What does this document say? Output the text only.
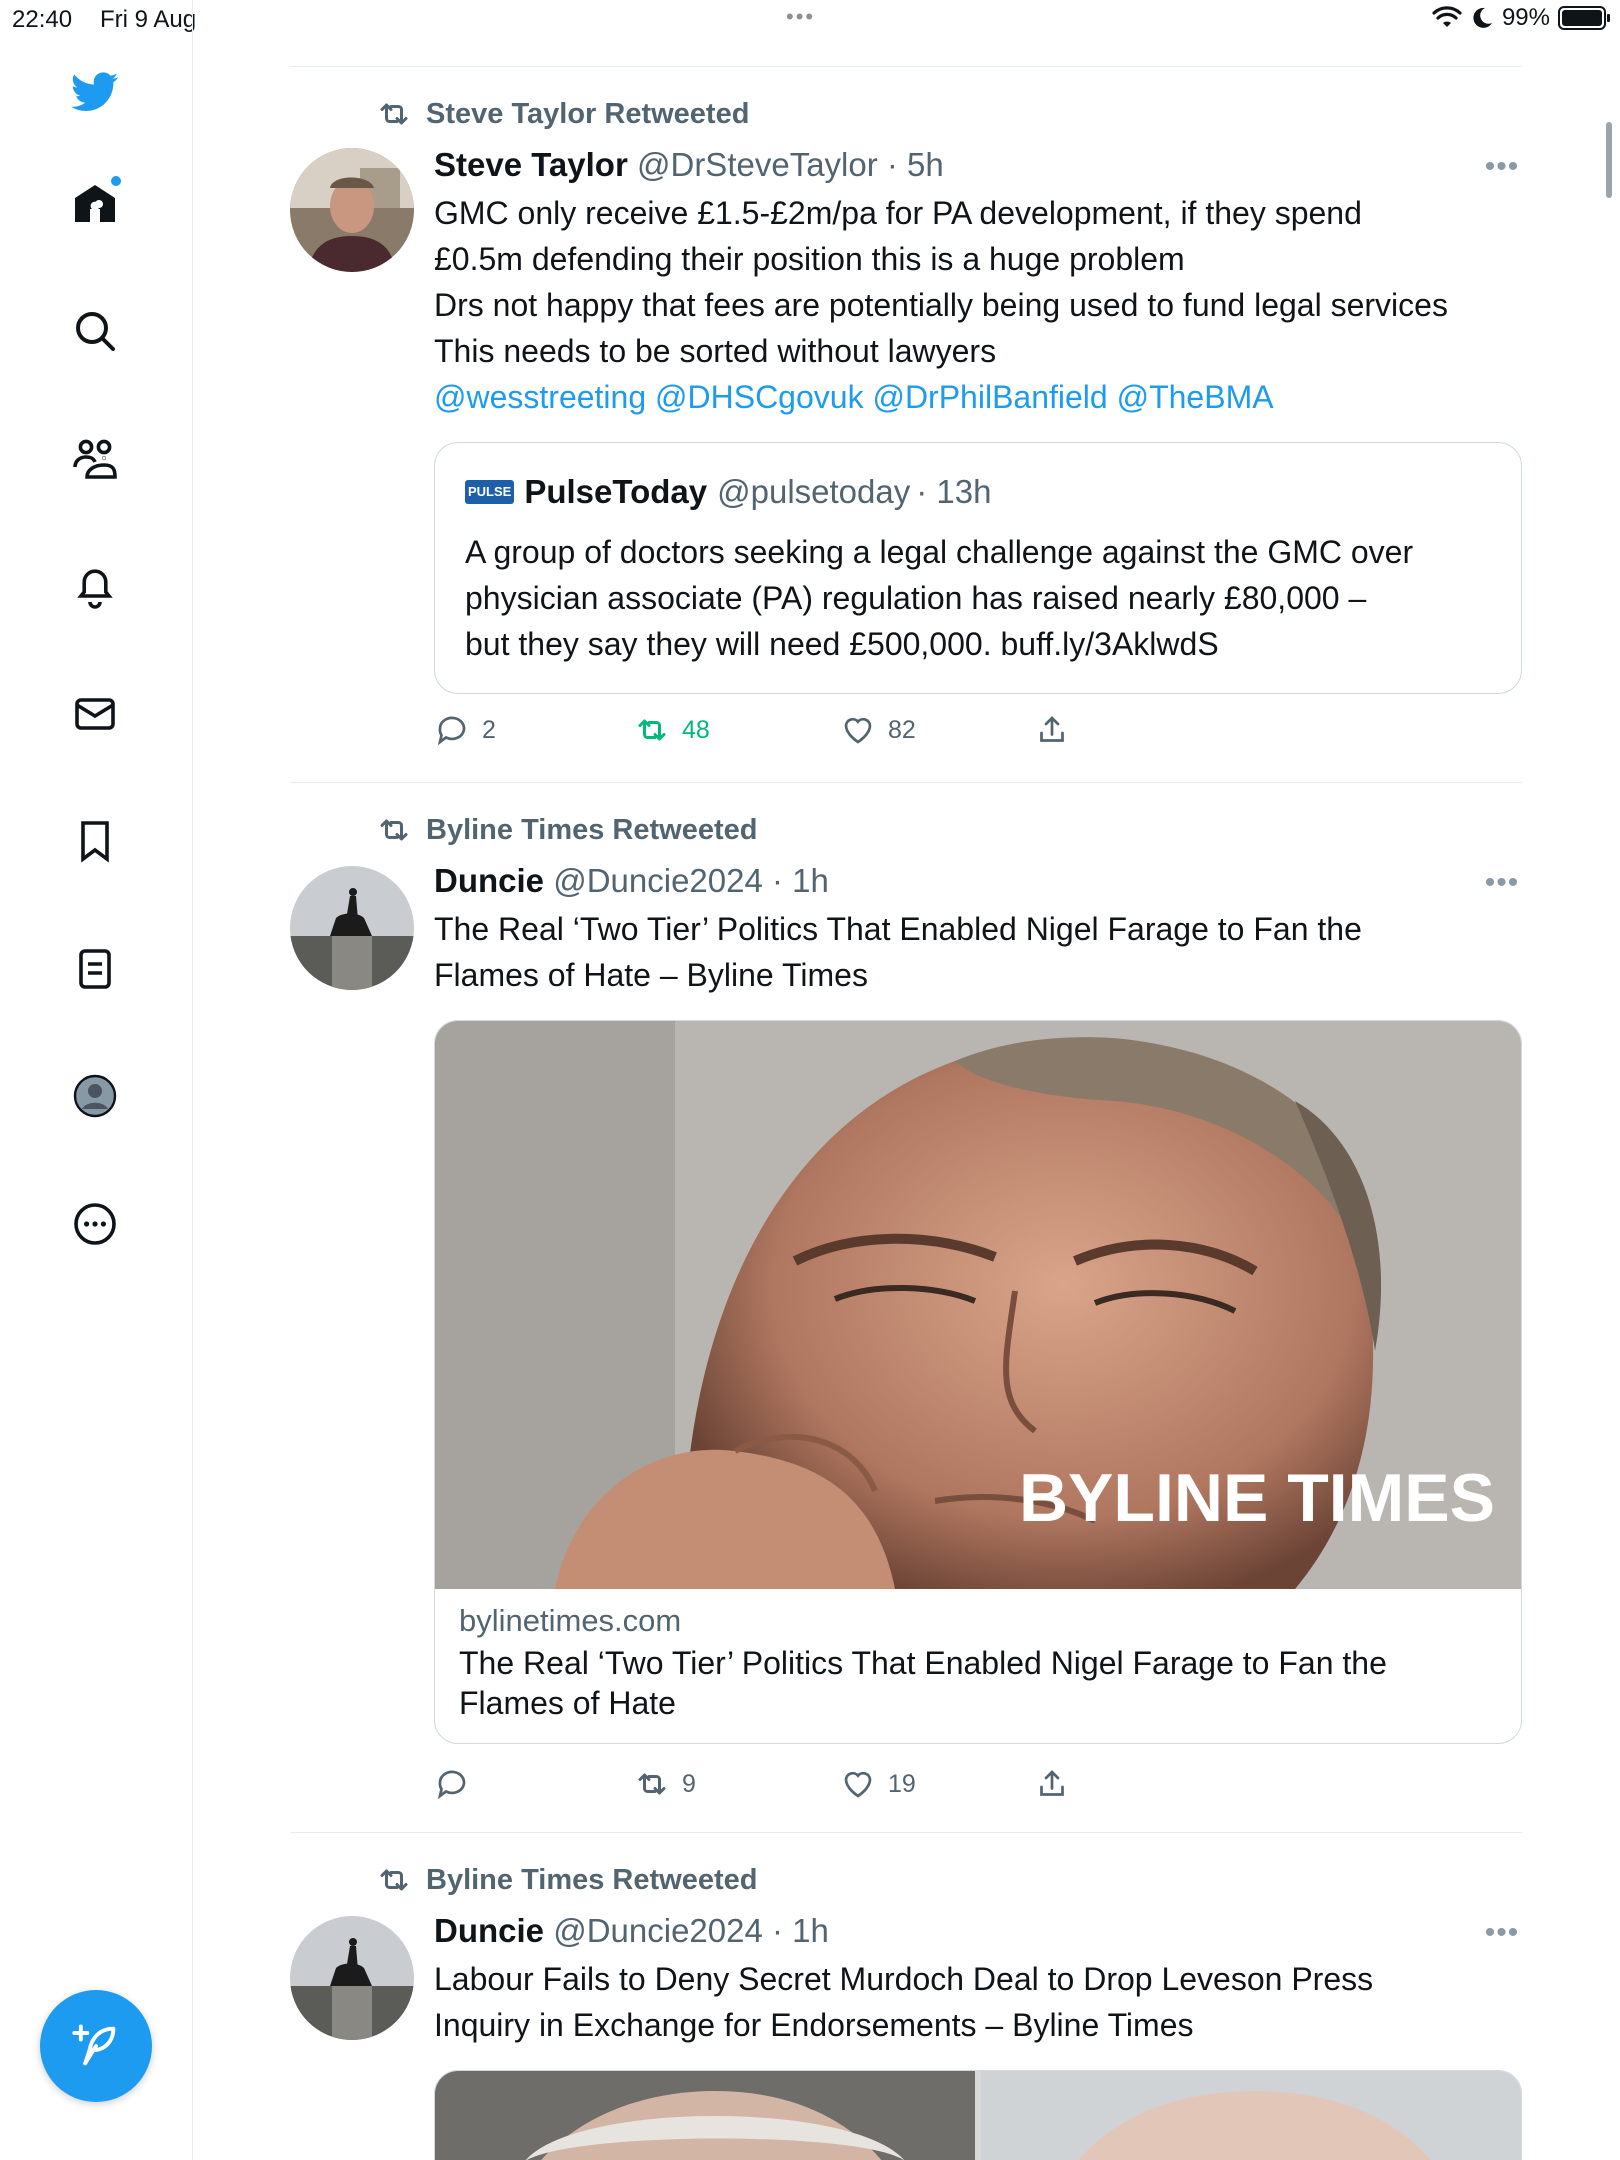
22:40 Fri 9 Aug	•••	99%
Steve Taylor Retweeted
Steve Taylor @DrSteveTaylor · 5h	•••
GMC only receive £1.5-£2m/pa for PA development, if they spend
£0.5m defending their position this is a huge problem
Drs not happy that fees are potentially being used to fund legal services
This needs to be sorted without lawyers
@wesstreeting @DHSCgovuk @DrPhilBanfield @TheBMA
PULSE PulseToday @pulsetoday · 13h
A group of doctors seeking a legal challenge against the GMC over
physician associate (PA) regulation has raised nearly £80,000 –
but they say they will need £500,000. buff.ly/3AklwdS
2	48	82
Byline Times Retweeted
Duncie @Duncie2024 · 1h	•••
The Real ‘Two Tier’ Politics That Enabled Nigel Farage to Fan the
Flames of Hate – Byline Times
BYLINE TIMES
bylinetimes.com
The Real ‘Two Tier’ Politics That Enabled Nigel Farage to Fan the
Flames of Hate
9	19
Byline Times Retweeted
Duncie @Duncie2024 · 1h	•••
Labour Fails to Deny Secret Murdoch Deal to Drop Leveson Press
Inquiry in Exchange for Endorsements – Byline Times
